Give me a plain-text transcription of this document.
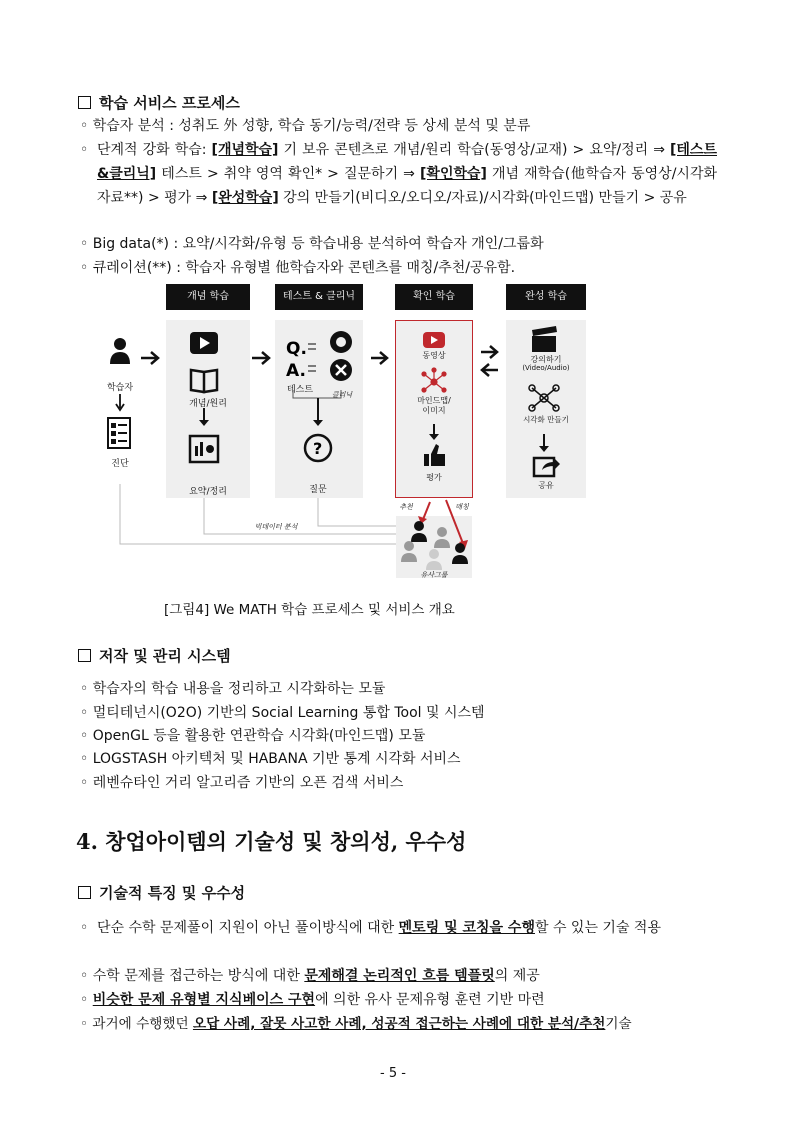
학습 서비스 프로세스
◦ 학습자 분석 : 성취도 外 성향, 학습 동기/능력/전략 등 상세 분석 및 분류
◦ 단계적 강화 학습: [개념학습] 기 보유 콘텐츠로 개념/원리 학습(동영상/교재) > 요약/정리 ⇒ [테스트&클리닉] 테스트 > 취약 영역 확인* > 질문하기 ⇒ [확인학습] 개념 재학습(他학습자 동영상/시각화 자료**) > 평가 ⇒ [완성학습] 강의 만들기(비디오/오디오/자료)/시각화(마인드맵) 만들기 > 공유
◦ Big data(*) : 요약/시각화/유형 등 학습내용 분석하여 학습자 개인/그룹화
◦ 큐레이션(**) : 학습자 유형별 他학습자와 콘텐츠를 매칭/추천/공유함.
개념 학습	테스트 & 클리닉	확인 학습	완성 학습
Q.
A.
?
학습자
진단
개념/원리
요약/정리
테스트	클리닉
질문
동영상
마인드맵/
이미지
평가
강의하기
(Video/Audio)
시각화 만들기
공유
빅데이터 분석
추천	매칭
유사그룹
[그림4] We MATH 학습 프로세스 및 서비스 개요
저작 및 관리 시스템
◦ 학습자의 학습 내용을 정리하고 시각화하는 모듈
◦ 멀티테넌시(O2O) 기반의 Social Learning 통합 Tool 및 시스템
◦ OpenGL 등을 활용한 연관학습 시각화(마인드맵) 모듈
◦ LOGSTASH 아키텍처 및 HABANA 기반 통계 시각화 서비스
◦ 레벤슈타인 거리 알고리즘 기반의 오픈 검색 서비스
4. 창업아이템의 기술성 및 창의성, 우수성
기술적 특징 및 우수성
◦ 단순 수학 문제풀이 지원이 아닌 풀이방식에 대한 멘토링 및 코칭을 수행할 수 있는 기술 적용
◦ 수학 문제를 접근하는 방식에 대한 문제해결 논리적인 흐름 템플릿의 제공
◦ 비슷한 문제 유형별 지식베이스 구현에 의한 유사 문제유형 훈련 기반 마련
◦ 과거에 수행했던 오답 사례, 잘못 사고한 사례, 성공적 접근하는 사례에 대한 분석/추천기술
- 5 -
